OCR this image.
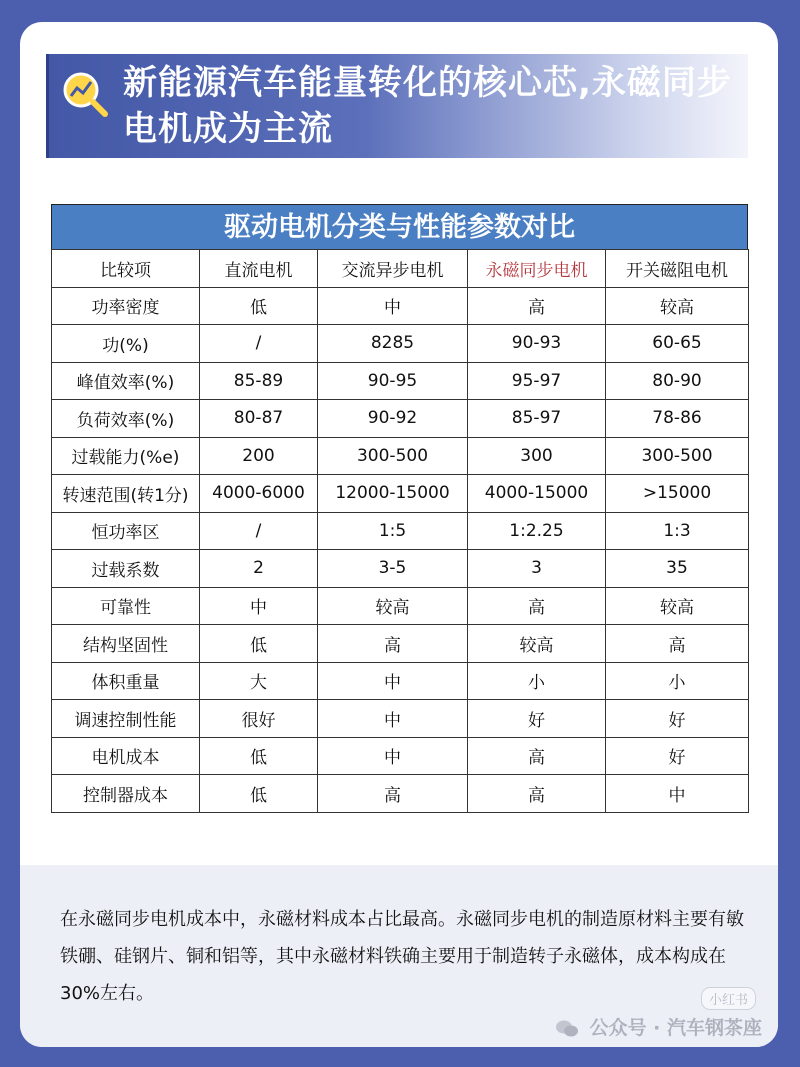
新能源汽车能量转化的核心芯,永磁同步电机成为主流
驱动电机分类与性能参数对比
比较项	直流电机	交流异步电机	永磁同步电机	开关磁阻电机
功率密度	低	中	高	较高
功(%)	/	8285	90-93	60-65
峰值效率(%)	85-89	90-95	95-97	80-90
负荷效率(%)	80-87	90-92	85-97	78-86
过载能力(%e)	200	300-500	300	300-500
转速范围(转1分)	4000-6000	12000-15000	4000-15000	>15000
恒功率区	/	1:5	1:2.25	1:3
过载系数	2	3-5	3	35
可靠性	中	较高	高	较高
结构坚固性	低	高	较高	高
体积重量	大	中	小	小
调速控制性能	很好	中	好	好
电机成本	低	中	高	好
控制器成本	低	高	高	中
在永磁同步电机成本中，永磁材料成本占比最高。永磁同步电机的制造原材料主要有敏铁硼、硅钢片、铜和铝等，其中永磁材料铁确主要用于制造转子永磁体，成本构成在30%左右。	小红书
公众号 · 汽车钢茶座
